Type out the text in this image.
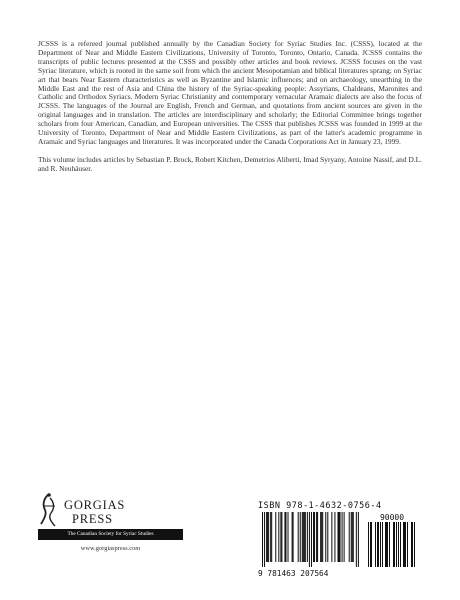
JCSSS is a refereed journal published annually by the Canadian Society for Syriac Studies Inc. (CSSS), located at the Department of Near and Middle Eastern Civilizations, University of Toronto, Toronto, Ontario, Canada. JCSSS contains the transcripts of public lectures presented at the CSSS and possibly other articles and book reviews. JCSSS focuses on the vast Syriac literature, which is rooted in the same soil from which the ancient Mesopotamian and biblical literatures sprang; on Syriac art that bears Near Eastern characteristics as well as Byzantine and Islamic influences; and on archaeology, unearthing in the Middle East and the rest of Asia and China the history of the Syriac-speaking people: Assyrians, Chaldeans, Maronites and Catholic and Orthodox Syriacs. Modern Syriac Christianity and contemporary vernacular Aramaic dialects are also the focus of JCSSS. The languages of the Journal are English, French and German, and quotations from ancient sources are given in the original languages and in translation. The articles are interdisciplinary and scholarly; the Editorial Committee brings together scholars from four American, Canadian, and European universities. The CSSS that publishes JCSSS was founded in 1999 at the University of Toronto, Department of Near and Middle Eastern Civilizations, as part of the latter's academic programme in Aramaic and Syriac languages and literatures. It was incorporated under the Canada Corporations Act in January 23, 1999.

This volume includes articles by Sebastian P. Brock, Robert Kitchen, Demetrios Aliberti, Imad Syryany, Antoine Nassif, and D.L. and R. Neuhäuser.

GORGIAS
PRESS
The Canadian Society for Syriac Studies
www.gorgiaspress.com
ISBN 978-1-4632-0756-4
90000
9 781463 207564
